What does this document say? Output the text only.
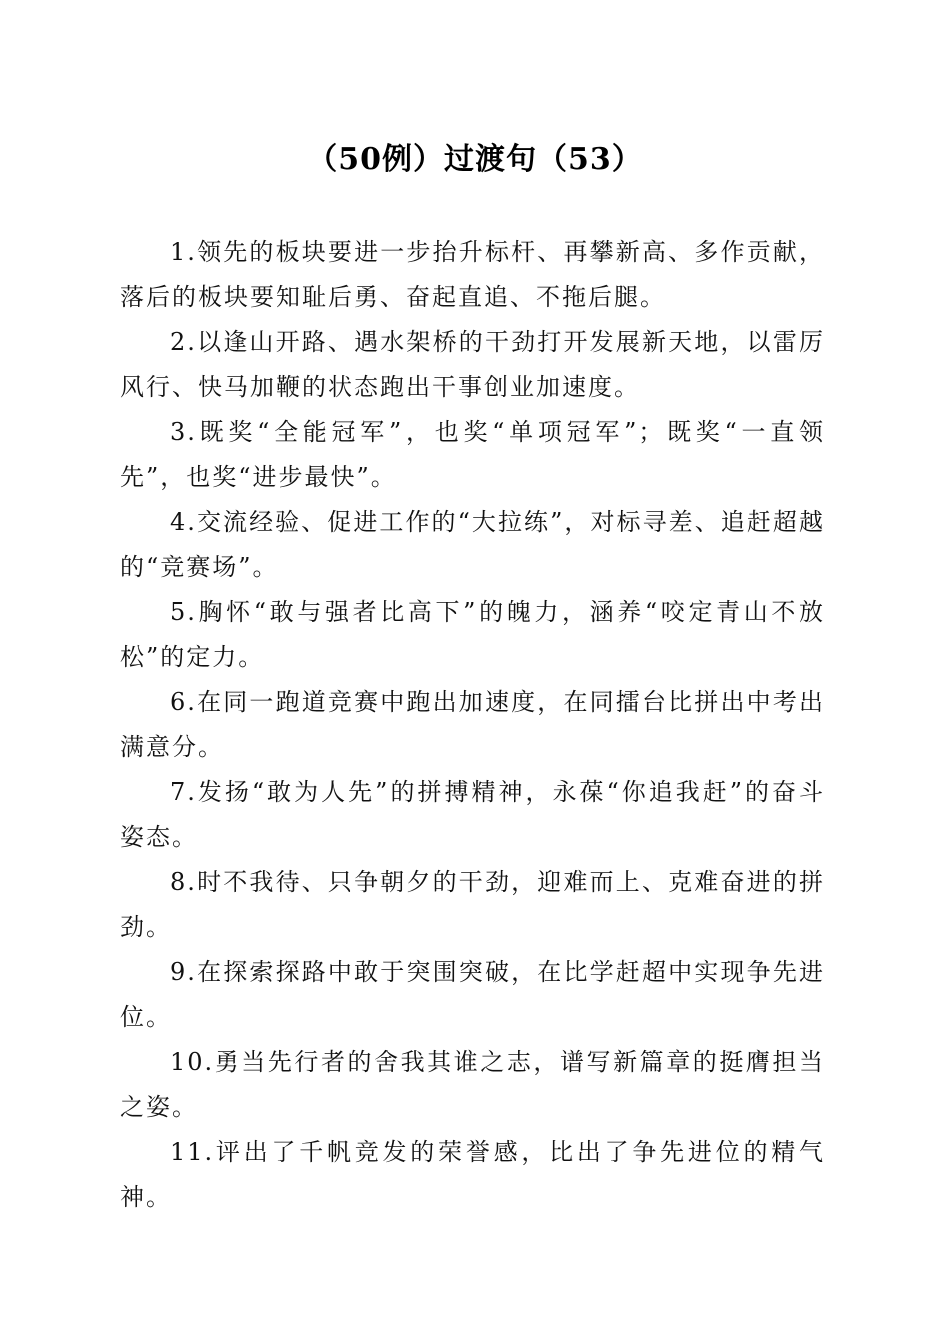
（50例）过渡句（53）

1.领先的板块要进一步抬升标杆、再攀新高、多作贡献，落后的板块要知耻后勇、奋起直追、不拖后腿。

2.以逢山开路、遇水架桥的干劲打开发展新天地，以雷厉风行、快马加鞭的状态跑出干事创业加速度。

3.既奖“全能冠军”，也奖“单项冠军”；既奖“一直领先”，也奖“进步最快”。

4.交流经验、促进工作的“大拉练”，对标寻差、追赶超越的“竞赛场”。

5.胸怀“敢与强者比高下”的魄力，涵养“咬定青山不放松”的定力。

6.在同一跑道竞赛中跑出加速度，在同擂台比拼出中考出满意分。

7.发扬“敢为人先”的拼搏精神，永葆“你追我赶”的奋斗姿态。

8.时不我待、只争朝夕的干劲，迎难而上、克难奋进的拼劲。

9.在探索探路中敢于突围突破，在比学赶超中实现争先进位。

10.勇当先行者的舍我其谁之志，谱写新篇章的挺膺担当之姿。

11.评出了千帆竞发的荣誉感，比出了争先进位的精气神。
